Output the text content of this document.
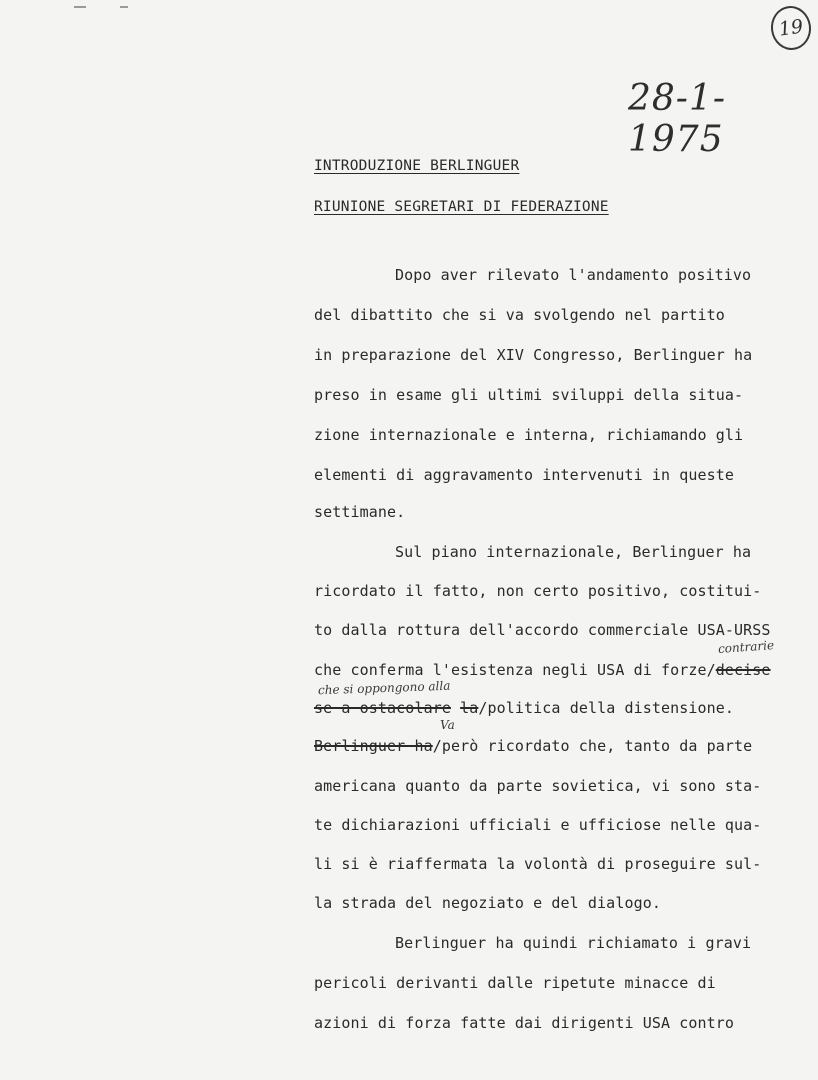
19
28-1-1975
INTRODUZIONE BERLINGUER
RIUNIONE SEGRETARI DI FEDERAZIONE
Dopo aver rilevato l'andamento positivo
del dibattito che si va svolgendo nel partito
in preparazione del XIV Congresso, Berlinguer ha
preso in esame gli ultimi sviluppi della situa-
zione internazionale e interna, richiamando gli
elementi di aggravamento intervenuti in queste
settimane.
Sul piano internazionale, Berlinguer ha
ricordato il fatto, non certo positivo, costitui-
to dalla rottura dell'accordo commerciale USA-URSS
contrarie
che conferma l'esistenza negli USA di forze/decise
che si oppongono alla
se a ostacolare la/politica della distensione.
Va
Berlinguer ha/però ricordato che, tanto da parte
americana quanto da parte sovietica, vi sono sta-
te dichiarazioni ufficiali e ufficiose nelle qua-
li si è riaffermata la volontà di proseguire sul-
la strada del negoziato e del dialogo.
Berlinguer ha quindi richiamato i gravi
pericoli derivanti dalle ripetute minacce di
azioni di forza fatte dai dirigenti USA contro
